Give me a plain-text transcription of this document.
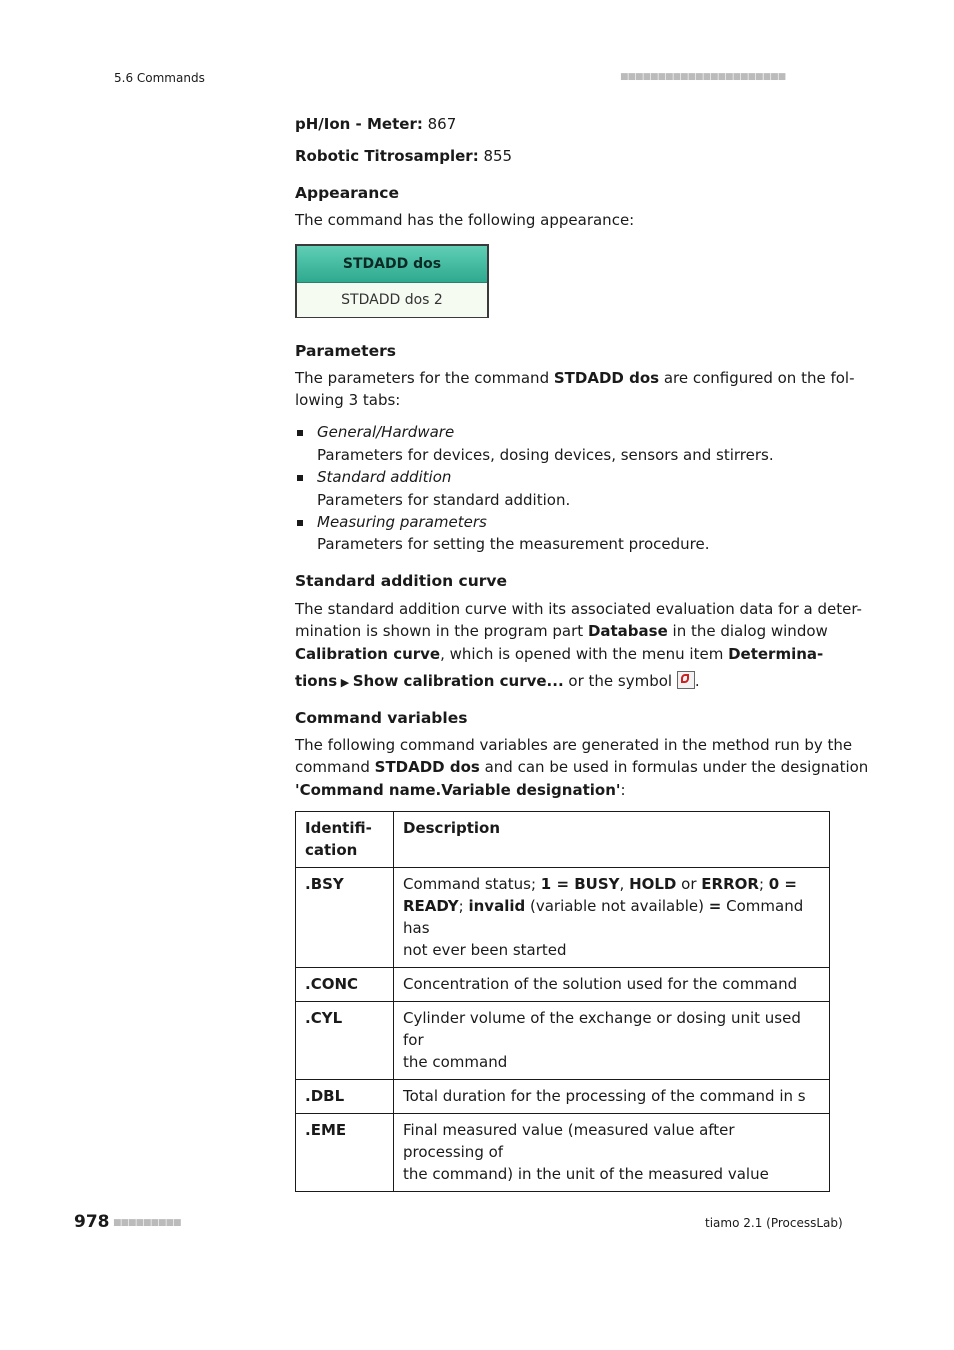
5.6 Commands	■■■■■■■■■■■■■■■■■■■■■■
pH/Ion - Meter: 867
Robotic Titrosampler: 855
Appearance
The command has the following appearance:
STDADD dos
STDADD dos 2
Parameters
The parameters for the command STDADD dos are configured on the fol-
lowing 3 tabs:
General/Hardware
Parameters for devices, dosing devices, sensors and stirrers.
Standard addition
Parameters for standard addition.
Measuring parameters
Parameters for setting the measurement procedure.
Standard addition curve
The standard addition curve with its associated evaluation data for a deter-
mination is shown in the program part Database in the dialog window
Calibration curve, which is opened with the menu item Determina-
tions ▶ Show calibration curve... or the symbol .
Command variables
The following command variables are generated in the method run by the
command STDADD dos and can be used in formulas under the designation
'Command name.Variable designation':
Identifi-
cation	Description
.BSY	Command status; 1 = BUSY, HOLD or ERROR; 0 =
READY; invalid (variable not available) = Command has
not ever been started
.CONC	Concentration of the solution used for the command
.CYL	Cylinder volume of the exchange or dosing unit used for
the command
.DBL	Total duration for the processing of the command in s
.EME	Final measured value (measured value after processing of
the command) in the unit of the measured value
978 ■■■■■■■■■	tiamo 2.1 (ProcessLab)
